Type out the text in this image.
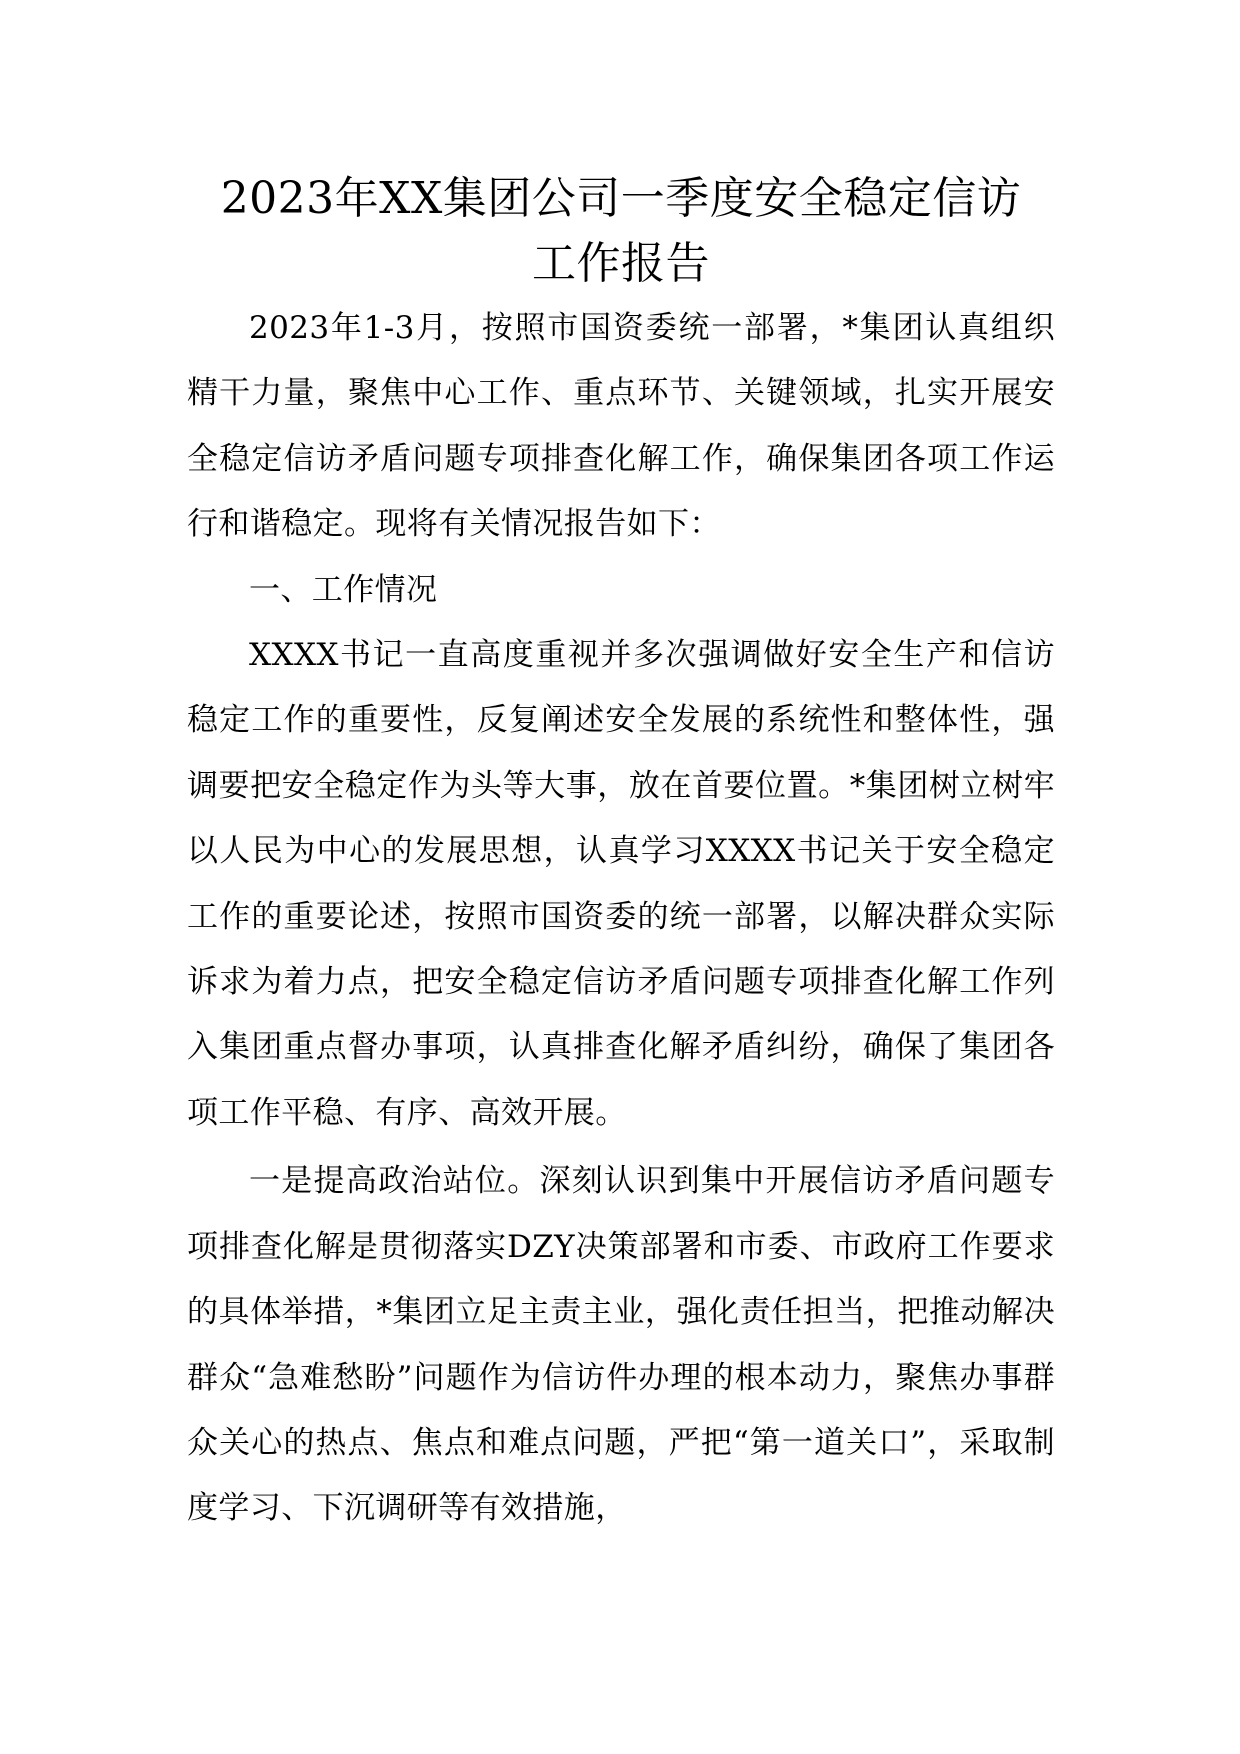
2023年XX集团公司一季度安全稳定信访
工作报告

2023年1-3月，按照市国资委统一部署，*集团认真组织精干力量，聚焦中心工作、重点环节、关键领域，扎实开展安全稳定信访矛盾问题专项排查化解工作，确保集团各项工作运行和谐稳定。现将有关情况报告如下：

一、工作情况

XXXX书记一直高度重视并多次强调做好安全生产和信访稳定工作的重要性，反复阐述安全发展的系统性和整体性，强调要把安全稳定作为头等大事，放在首要位置。*集团树立树牢以人民为中心的发展思想，认真学习XXXX书记关于安全稳定工作的重要论述，按照市国资委的统一部署，以解决群众实际诉求为着力点，把安全稳定信访矛盾问题专项排查化解工作列入集团重点督办事项，认真排查化解矛盾纠纷，确保了集团各项工作平稳、有序、高效开展。

一是提高政治站位。深刻认识到集中开展信访矛盾问题专项排查化解是贯彻落实DZY决策部署和市委、市政府工作要求的具体举措，*集团立足主责主业，强化责任担当，把推动解决群众“急难愁盼”问题作为信访件办理的根本动力，聚焦办事群众关心的热点、焦点和难点问题，严把“第一道关口”，采取制度学习、下沉调研等有效措施，
